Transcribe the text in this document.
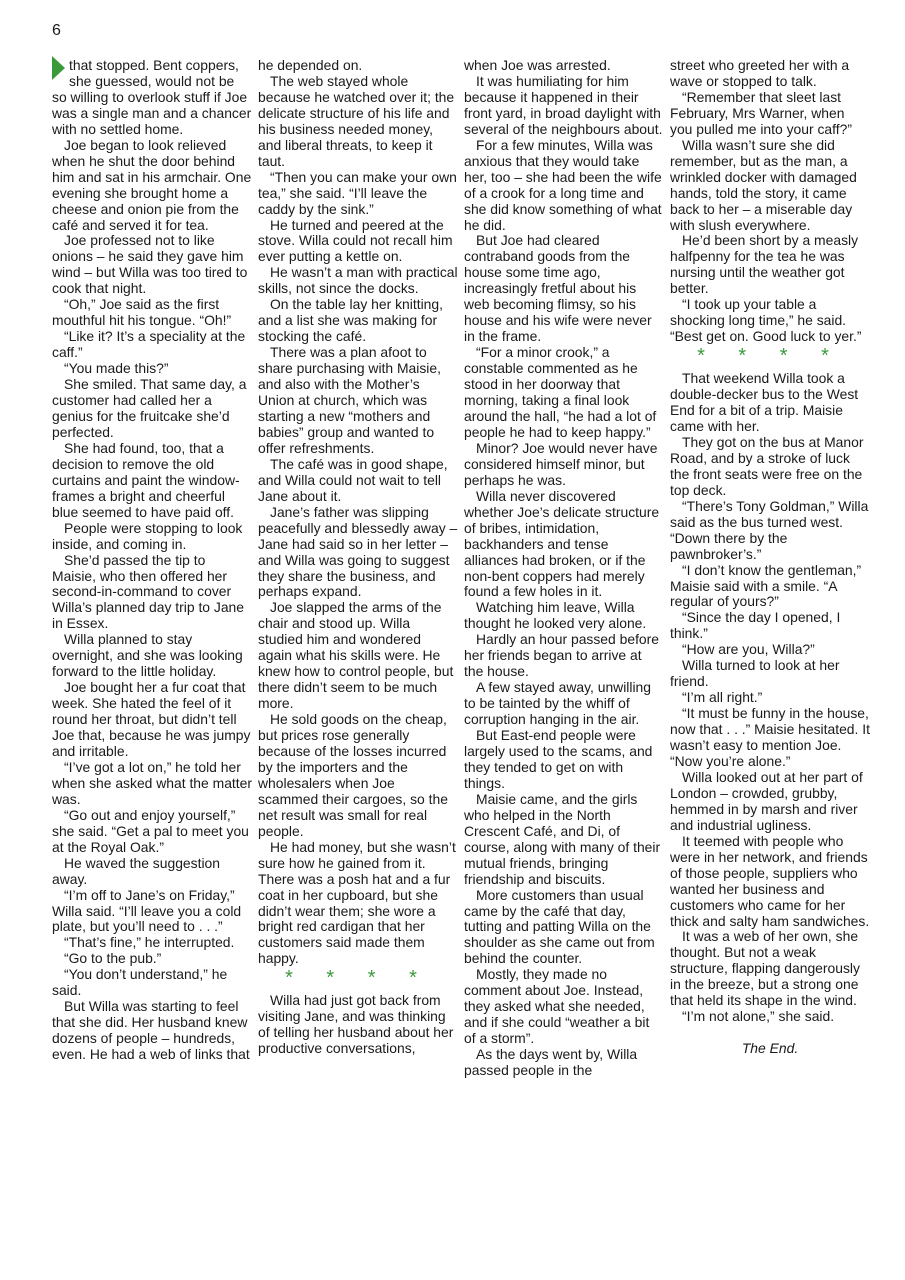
6

that stopped. Bent coppers, she guessed, would not be so willing to overlook stuff if Joe was a single man and a chancer with no settled home.

Joe began to look relieved when he shut the door behind him and sat in his armchair. One evening she brought home a cheese and onion pie from the café and served it for tea.

Joe professed not to like onions – he said they gave him wind – but Willa was too tired to cook that night.

“Oh,” Joe said as the first mouthful hit his tongue. “Oh!”

“Like it? It’s a speciality at the caff.”

“You made this?”

She smiled. That same day, a customer had called her a genius for the fruitcake she’d perfected.

She had found, too, that a decision to remove the old curtains and paint the window-frames a bright and cheerful blue seemed to have paid off.

People were stopping to look inside, and coming in.

She’d passed the tip to Maisie, who then offered her second-in-command to cover Willa’s planned day trip to Jane in Essex.

Willa planned to stay overnight, and she was looking forward to the little holiday.

Joe bought her a fur coat that week. She hated the feel of it round her throat, but didn’t tell Joe that, because he was jumpy and irritable.

“I’ve got a lot on,” he told her when she asked what the matter was.

“Go out and enjoy yourself,” she said. “Get a pal to meet you at the Royal Oak.”

He waved the suggestion away.

“I’m off to Jane’s on Friday,” Willa said. “I’ll leave you a cold plate, but you’ll need to . . .”

“That’s fine,” he interrupted.

“Go to the pub.”

“You don’t understand,” he said.

But Willa was starting to feel that she did. Her husband knew dozens of people – hundreds, even. He had a web of links that

he depended on.

The web stayed whole because he watched over it; the delicate structure of his life and his business needed money, and liberal threats, to keep it taut.

“Then you can make your own tea,” she said. “I’ll leave the caddy by the sink.”

He turned and peered at the stove. Willa could not recall him ever putting a kettle on.

He wasn’t a man with practical skills, not since the docks.

On the table lay her knitting, and a list she was making for stocking the café.

There was a plan afoot to share purchasing with Maisie, and also with the Mother’s Union at church, which was starting a new “mothers and babies” group and wanted to offer refreshments.

The café was in good shape, and Willa could not wait to tell Jane about it.

Jane’s father was slipping peacefully and blessedly away – Jane had said so in her letter – and Willa was going to suggest they share the business, and perhaps expand.

Joe slapped the arms of the chair and stood up. Willa studied him and wondered again what his skills were. He knew how to control people, but there didn’t seem to be much more.

He sold goods on the cheap, but prices rose generally because of the losses incurred by the importers and the wholesalers when Joe scammed their cargoes, so the net result was small for real people.

He had money, but she wasn’t sure how he gained from it. There was a posh hat and a fur coat in her cupboard, but she didn’t wear them; she wore a bright red cardigan that her customers said made them happy.

* * * *

Willa had just got back from visiting Jane, and was thinking of telling her husband about her productive conversations,

when Joe was arrested.

It was humiliating for him because it happened in their front yard, in broad daylight with several of the neighbours about.

For a few minutes, Willa was anxious that they would take her, too – she had been the wife of a crook for a long time and she did know something of what he did.

But Joe had cleared contraband goods from the house some time ago, increasingly fretful about his web becoming flimsy, so his house and his wife were never in the frame.

“For a minor crook,” a constable commented as he stood in her doorway that morning, taking a final look around the hall, “he had a lot of people he had to keep happy.”

Minor? Joe would never have considered himself minor, but perhaps he was.

Willa never discovered whether Joe’s delicate structure of bribes, intimidation, backhanders and tense alliances had broken, or if the non-bent coppers had merely found a few holes in it.

Watching him leave, Willa thought he looked very alone.

Hardly an hour passed before her friends began to arrive at the house.

A few stayed away, unwilling to be tainted by the whiff of corruption hanging in the air.

But East-end people were largely used to the scams, and they tended to get on with things.

Maisie came, and the girls who helped in the North Crescent Café, and Di, of course, along with many of their mutual friends, bringing friendship and biscuits.

More customers than usual came by the café that day, tutting and patting Willa on the shoulder as she came out from behind the counter.

Mostly, they made no comment about Joe. Instead, they asked what she needed, and if she could “weather a bit of a storm”.

As the days went by, Willa passed people in the

street who greeted her with a wave or stopped to talk.

“Remember that sleet last February, Mrs Warner, when you pulled me into your caff?”

Willa wasn’t sure she did remember, but as the man, a wrinkled docker with damaged hands, told the story, it came back to her – a miserable day with slush everywhere.

He’d been short by a measly halfpenny for the tea he was nursing until the weather got better.

“I took up your table a shocking long time,” he said. “Best get on. Good luck to yer.”

* * * *

That weekend Willa took a double-decker bus to the West End for a bit of a trip. Maisie came with her.

They got on the bus at Manor Road, and by a stroke of luck the front seats were free on the top deck.

“There’s Tony Goldman,” Willa said as the bus turned west. “Down there by the pawnbroker’s.”

“I don’t know the gentleman,” Maisie said with a smile. “A regular of yours?”

“Since the day I opened, I think.”

“How are you, Willa?”

Willa turned to look at her friend.

“I’m all right.”

“It must be funny in the house, now that . . .” Maisie hesitated. It wasn’t easy to mention Joe. “Now you’re alone.”

Willa looked out at her part of London – crowded, grubby, hemmed in by marsh and river and industrial ugliness.

It teemed with people who were in her network, and friends of those people, suppliers who wanted her business and customers who came for her thick and salty ham sandwiches.

It was a web of her own, she thought. But not a weak structure, flapping dangerously in the breeze, but a strong one that held its shape in the wind.

“I’m not alone,” she said.

The End.
